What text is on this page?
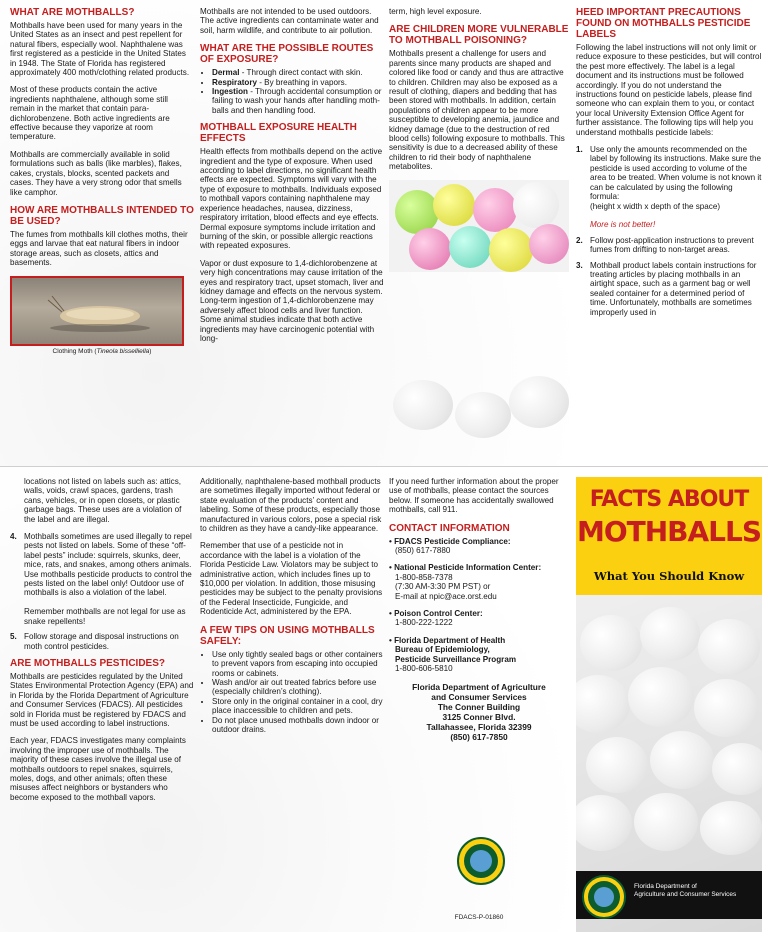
WHAT ARE MOTHBALLS?

Mothballs have been used for many years in the United States as an insect and pest repellent for natural fibers, especially wool. Naphthalene was first registered as a pesticide in the United States in 1948. The State of Florida has registered approximately 400 moth/clothing related products.

Most of these products contain the active ingredients naphthalene, although some still remain in the market that contain para-dichlorobenzene. Both active ingredients are effective because they vaporize at room temperature.

Mothballs are commercially available in solid formulations such as balls (like marbles), flakes, cakes, crystals, blocks, scented packets and cases. They have a very strong odor that smells like camphor.

HOW ARE MOTHBALLS INTENDED TO BE USED?

The fumes from mothballs kill clothes moths, their eggs and larvae that eat natural fibers in indoor storage areas, such as closets, attics and basements.

Clothing Moth (Tineola bisselliella)

Mothballs are not intended to be used outdoors. The active ingredients can contaminate water and soil, harm wildlife, and contribute to air pollution.

WHAT ARE THE POSSIBLE ROUTES OF EXPOSURE?
• Dermal - Through direct contact with skin.
• Respiratory - By breathing in vapors.
• Ingestion - Through accidental consumption or failing to wash your hands after handling moth-balls and then handling food.
MOTHBALL EXPOSURE HEALTH EFFECTS

Health effects from mothballs depend on the active ingredient and the type of exposure. When used according to label directions, no significant health effects are expected. Symptoms will vary with the type of exposure to mothballs. Individuals exposed to mothball vapors containing naphthalene may experience headaches, nausea, dizziness, respiratory irritation, blood effects and eye effects. Dermal exposure symptoms include irritation and burning of the skin, or possible allergic reactions with repeated exposures.

Vapor or dust exposure to 1,4-dichlorobenzene at very high concentrations may cause irritation of the eyes and respiratory tract, upset stomach, liver and kidney damage and effects on the nervous system. Long-term ingestion of 1,4-dichlorobenzene may adversely affect blood cells and liver function. Some animal studies indicate that both active ingredients may have carcinogenic potential with long-

term, high level exposure.

ARE CHILDREN MORE VULNERABLE TO MOTHBALL POISONING?

Mothballs present a challenge for users and parents since many products are shaped and colored like food or candy and thus are attractive to children. Children may also be exposed as a result of clothing, diapers and bedding that has been stored with mothballs. In addition, certain populations of children appear to be more susceptible to developing anemia, jaundice and kidney damage (due to the destruction of red blood cells) following exposure to mothballs. This sensitivity is due to a decreased ability of these children to rid their body of naphthalene metabolites.

HEED IMPORTANT PRECAUTIONS FOUND ON MOTHBALLS PESTICIDE LABELS

Following the label instructions will not only limit or reduce exposure to these pesticides, but will control the pest more effectively. The label is a legal document and its instructions must be followed accordingly. If you do not understand the instructions found on pesticide labels, please find someone who can explain them to you, or contact your local University Extension Office Agent for further assistance. The following tips will help you understand mothballs pesticide labels:

1. Use only the amounts recommended on the label by following its instructions. Make sure the pesticide is used according to volume of the area to be treated. When volume is not known it can be calculated by using the following formula:
(height x width x depth of the space)

More is not better!
2. Follow post-application instructions to prevent fumes from drifting to non-target areas.
3. Mothball product labels contain instructions for treating articles by placing mothballs in an airtight space, such as a garment bag or well sealed container for a determined period of time. Unfortunately, mothballs are sometimes improperly used in

locations not listed on labels such as: attics, walls, voids, crawl spaces, gardens, trash cans, vehicles, or in open closets, or plastic garbage bags. These uses are a violation of the label and are illegal.

4. Mothballs sometimes are used illegally to repel pests not listed on labels. Some of these “off-label pests” include: squirrels, skunks, deer, mice, rats, and snakes, among others animals. Use mothballs pesticide products to control the pests listed on the label only! Outdoor use of mothballs is also a violation of the label.

Remember mothballs are not legal for use as snake repellents!
5. Follow storage and disposal instructions on moth control pesticides.
ARE MOTHBALLS PESTICIDES?

Mothballs are pesticides regulated by the United States Environmental Protection Agency (EPA) and in Florida by the Florida Department of Agriculture and Consumer Services (FDACS). All pesticides sold in Florida must be registered by FDACS and must be used according to label instructions.

Each year, FDACS investigates many complaints involving the improper use of mothballs. The majority of these cases involve the illegal use of mothballs outdoors to repel snakes, squirrels, moles, dogs, and other animals; often these misuses affect neighbors or bystanders who become exposed to the mothball vapors.

Additionally, naphthalene-based mothball products are sometimes illegally imported without federal or state evaluation of the products’ content and labeling. Some of these products, especially those manufactured in various colors, pose a special risk to children as they have a candy-like appearance.

Remember that use of a pesticide not in accordance with the label is a violation of the Florida Pesticide Law. Violators may be subject to administrative action, which includes fines up to $10,000 per violation. In addition, those misusing pesticides may be subject to the penalty provisions of the Federal Insecticide, Fungicide, and Rodenticide Act, administered by the EPA.

A FEW TIPS ON USING MOTHBALLS SAFELY:
• Use only tightly sealed bags or other containers to prevent vapors from escaping into occupied rooms or cabinets.
• Wash and/or air out treated fabrics before use (especially children’s clothing).
• Store only in the original container in a cool, dry place inaccessible to children and pets.
• Do not place unused mothballs down indoor or outdoor drains.

If you need further information about the proper use of mothballs, please contact the sources below. If someone has accidentally swallowed mothballs, call 911.

CONTACT INFORMATION
• FDACS Pesticide Compliance:
(850) 617-7880
• National Pesticide Information Center:
1-800-858-7378
(7:30 AM-3:30 PM PST) or
E-mail at npic@ace.orst.edu
• Poison Control Center:
1-800-222-1222
• Florida Department of Health
Bureau of Epidemiology,
Pesticide Surveillance Program
1-800-606-5810
Florida Department of Agriculture
and Consumer Services
The Conner Building
3125 Conner Blvd.
Tallahassee, Florida 32399
(850) 617-7850
FDACS-P-01860
FACTS ABOUT
MOTHBALLS
What You Should Know
Florida Department of
Agriculture and Consumer Services
